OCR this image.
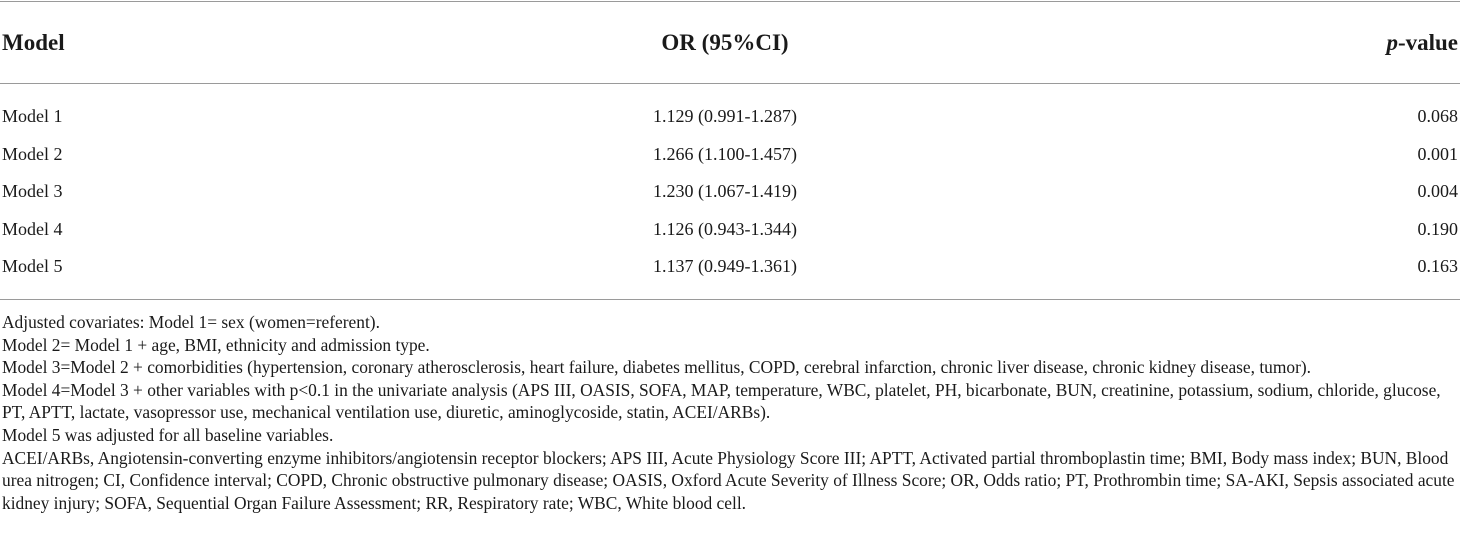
Model	OR (95%CI)	p-value
Model 1	1.129 (0.991-1.287)	0.068
Model 2	1.266 (1.100-1.457)	0.001
Model 3	1.230 (1.067-1.419)	0.004
Model 4	1.126 (0.943-1.344)	0.190
Model 5	1.137 (0.949-1.361)	0.163

Adjusted covariates: Model 1= sex (women=referent).

Model 2= Model 1 + age, BMI, ethnicity and admission type.

Model 3=Model 2 + comorbidities (hypertension, coronary atherosclerosis, heart failure, diabetes mellitus, COPD, cerebral infarction, chronic liver disease, chronic kidney disease, tumor).

Model 4=Model 3 + other variables with p<0.1 in the univariate analysis (APS III, OASIS, SOFA, MAP, temperature, WBC, platelet, PH, bicarbonate, BUN, creatinine, potassium, sodium, chloride, glucose, PT, APTT, lactate, vasopressor use, mechanical ventilation use, diuretic, aminoglycoside, statin, ACEI/ARBs).

Model 5 was adjusted for all baseline variables.

ACEI/ARBs, Angiotensin-converting enzyme inhibitors/angiotensin receptor blockers; APS III, Acute Physiology Score III; APTT, Activated partial thromboplastin time; BMI, Body mass index; BUN, Blood urea nitrogen; CI, Confidence interval; COPD, Chronic obstructive pulmonary disease; OASIS, Oxford Acute Severity of Illness Score; OR, Odds ratio; PT, Prothrombin time; SA-AKI, Sepsis associated acute kidney injury; SOFA, Sequential Organ Failure Assessment; RR, Respiratory rate; WBC, White blood cell.
